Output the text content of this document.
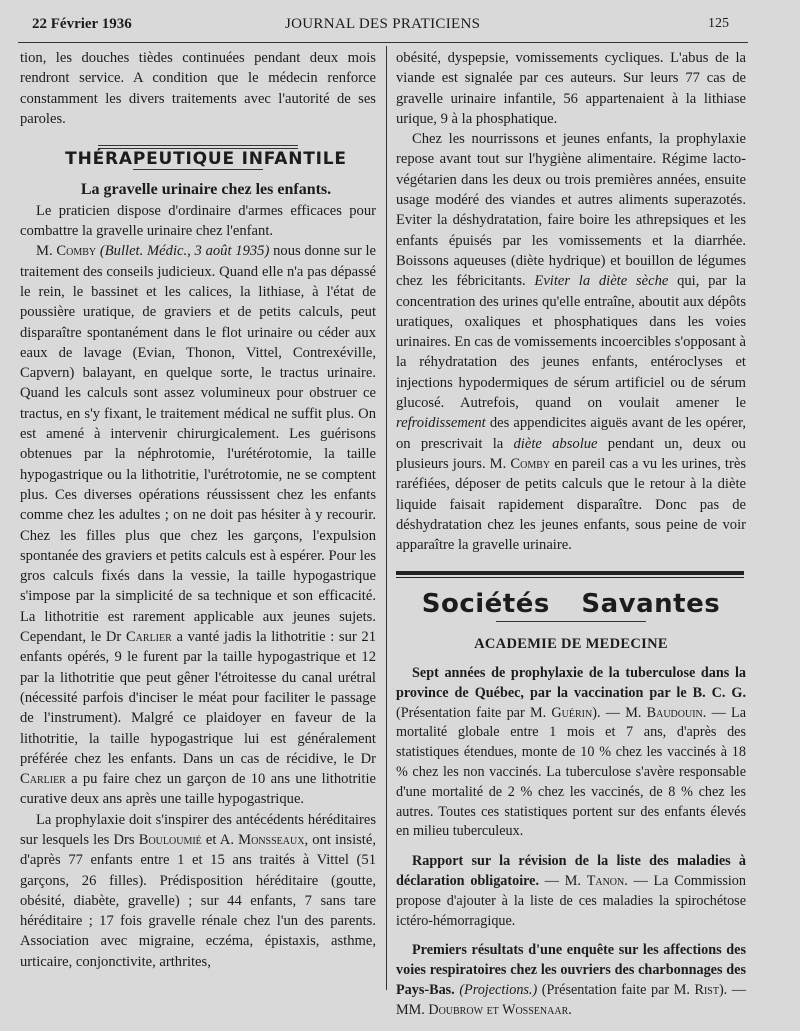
22 Février 1936	JOURNAL DES PRATICIENS	125

tion, les douches tièdes continuées pendant deux mois rendront service. A condition que le médecin renforce constamment les divers traitements avec l'autorité de ses paroles.

THÉRAPEUTIQUE INFANTILE

La gravelle urinaire chez les enfants.

Le praticien dispose d'ordinaire d'armes efficaces pour combattre la gravelle urinaire chez l'enfant.

M. Comby (Bullet. Médic., 3 août 1935) nous donne sur le traitement des conseils judicieux. Quand elle n'a pas dépassé le rein, le bassinet et les calices, la lithiase, à l'état de poussière uratique, de graviers et de petits calculs, peut disparaître spontanément dans le flot urinaire ou céder aux eaux de lavage (Evian, Thonon, Vittel, Contrexéville, Capvern) balayant, en quelque sorte, le tractus urinaire. Quand les calculs sont assez volumineux pour obstruer ce tractus, en s'y fixant, le traitement médical ne suffit plus. On est amené à intervenir chirurgicalement. Les guérisons obtenues par la néphrotomie, l'urétérotomie, la taille hypogastrique ou la lithotritie, l'urétrotomie, ne se comptent plus. Ces diverses opérations réussissent chez les enfants comme chez les adultes ; on ne doit pas hésiter à y recourir. Chez les filles plus que chez les garçons, l'expulsion spontanée des graviers et petits calculs est à espérer. Pour les gros calculs fixés dans la vessie, la taille hypogastrique s'impose par la simplicité de sa technique et son efficacité. La lithotritie est rarement applicable aux jeunes sujets. Cependant, le Dr Carlier a vanté jadis la lithotritie : sur 21 enfants opérés, 9 le furent par la taille hypogastrique et 12 par la lithotritie que peut gêner l'étroitesse du canal urétral (nécessité parfois d'inciser le méat pour faciliter le passage de l'instrument). Malgré ce plaidoyer en faveur de la lithotritie, la taille hypogastrique lui est généralement préférée chez les enfants. Dans un cas de récidive, le Dr Carlier a pu faire chez un garçon de 10 ans une lithotritie curative deux ans après une taille hypogastrique.

La prophylaxie doit s'inspirer des antécédents héréditaires sur lesquels les Drs Bouloumié et A. Monsseaux, ont insisté, d'après 77 enfants entre 1 et 15 ans traités à Vittel (51 garçons, 26 filles). Prédisposition héréditaire (goutte, obésité, diabète, gravelle) ; sur 44 enfants, 7 sans tare héréditaire ; 17 fois gravelle rénale chez l'un des parents. Association avec migraine, eczéma, épistaxis, asthme, urticaire, conjonctivite, arthrites,

obésité, dyspepsie, vomissements cycliques. L'abus de la viande est signalée par ces auteurs. Sur leurs 77 cas de gravelle urinaire infantile, 56 appartenaient à la lithiase urique, 9 à la phosphatique.

Chez les nourrissons et jeunes enfants, la prophylaxie repose avant tout sur l'hygiène alimentaire. Régime lacto-végétarien dans les deux ou trois premières années, ensuite usage modéré des viandes et autres aliments superazotés. Eviter la déshydratation, faire boire les athrepsiques et les enfants épuisés par les vomissements et la diarrhée. Boissons aqueuses (diète hydrique) et bouillon de légumes chez les fébricitants. Eviter la diète sèche qui, par la concentration des urines qu'elle entraîne, aboutit aux dépôts uratiques, oxaliques et phosphatiques dans les voies urinaires. En cas de vomissements incoercibles s'opposant à la réhydratation des jeunes enfants, entéroclyses et injections hypodermiques de sérum artificiel ou de sérum glucosé. Autrefois, quand on voulait amener le refroidissement des appendicites aiguës avant de les opérer, on prescrivait la diète absolue pendant un, deux ou plusieurs jours. M. Comby en pareil cas a vu les urines, très raréfiées, déposer de petits calculs que le retour à la diète liquide faisait rapidement disparaître. Donc pas de déshydratation chez les jeunes enfants, sous peine de voir apparaître la gravelle urinaire.

Sociétés Savantes
ACADEMIE DE MEDECINE

Sept années de prophylaxie de la tuberculose dans la province de Québec, par la vaccination par le B. C. G. (Présentation faite par M. Guérin). — M. Baudouin. — La mortalité globale entre 1 mois et 7 ans, d'après des statistiques étendues, monte de 10 % chez les vaccinés à 18 % chez les non vaccinés. La tuberculose s'avère responsable d'une mortalité de 2 % chez les vaccinés, de 8 % chez les autres. Toutes ces statistiques portent sur des enfants élevés en milieu tuberculeux.

Rapport sur la révision de la liste des maladies à déclaration obligatoire. — M. Tanon. — La Commission propose d'ajouter à la liste de ces maladies la spirochétose ictéro-hémorragique.

Premiers résultats d'une enquête sur les affections des voies respiratoires chez les ouvriers des charbonnages des Pays-Bas. (Projections.) (Présentation faite par M. Rist). — MM. Doubrow et Wossenaar.
